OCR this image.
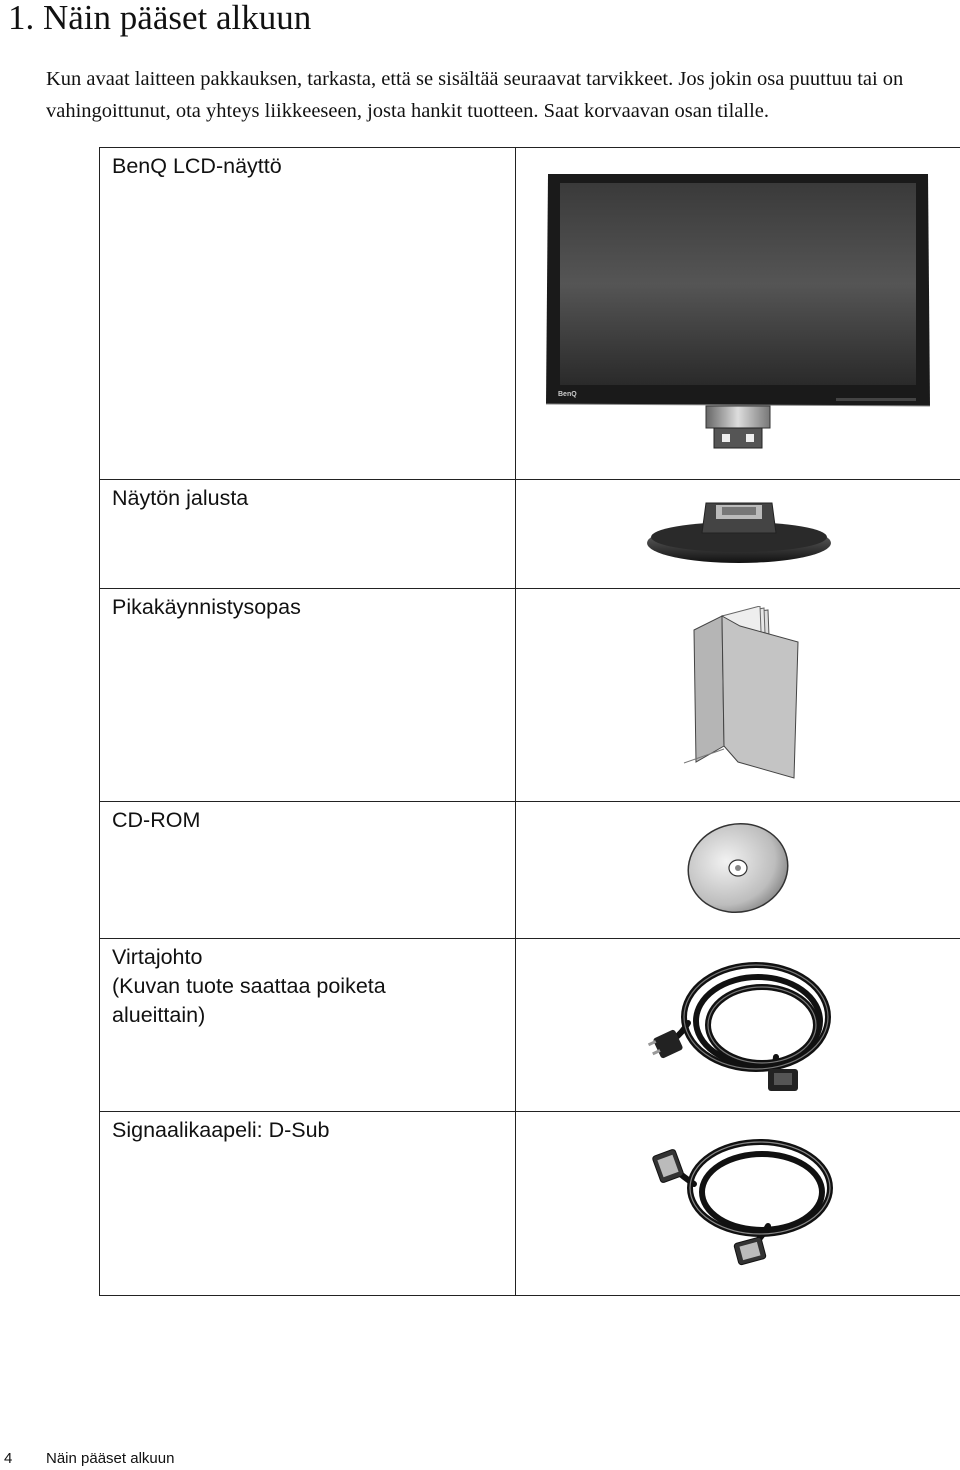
1. Näin pääset alkuun

Kun avaat laitteen pakkauksen, tarkasta, että se sisältää seuraavat tarvikkeet. Jos jokin osa puuttuu tai on vahingoittunut, ota yhteys liikkeeseen, josta hankit tuotteen. Saat korvaavan osan tilalle.

BenQ LCD-näyttö	BenQ

Näytön jalusta

Pikakäynnistysopas

CD-ROM

Virtajohto
(Kuvan tuote saattaa poiketa
alueittain)

Signaalikaapeli: D-Sub

4 Näin pääset alkuun
